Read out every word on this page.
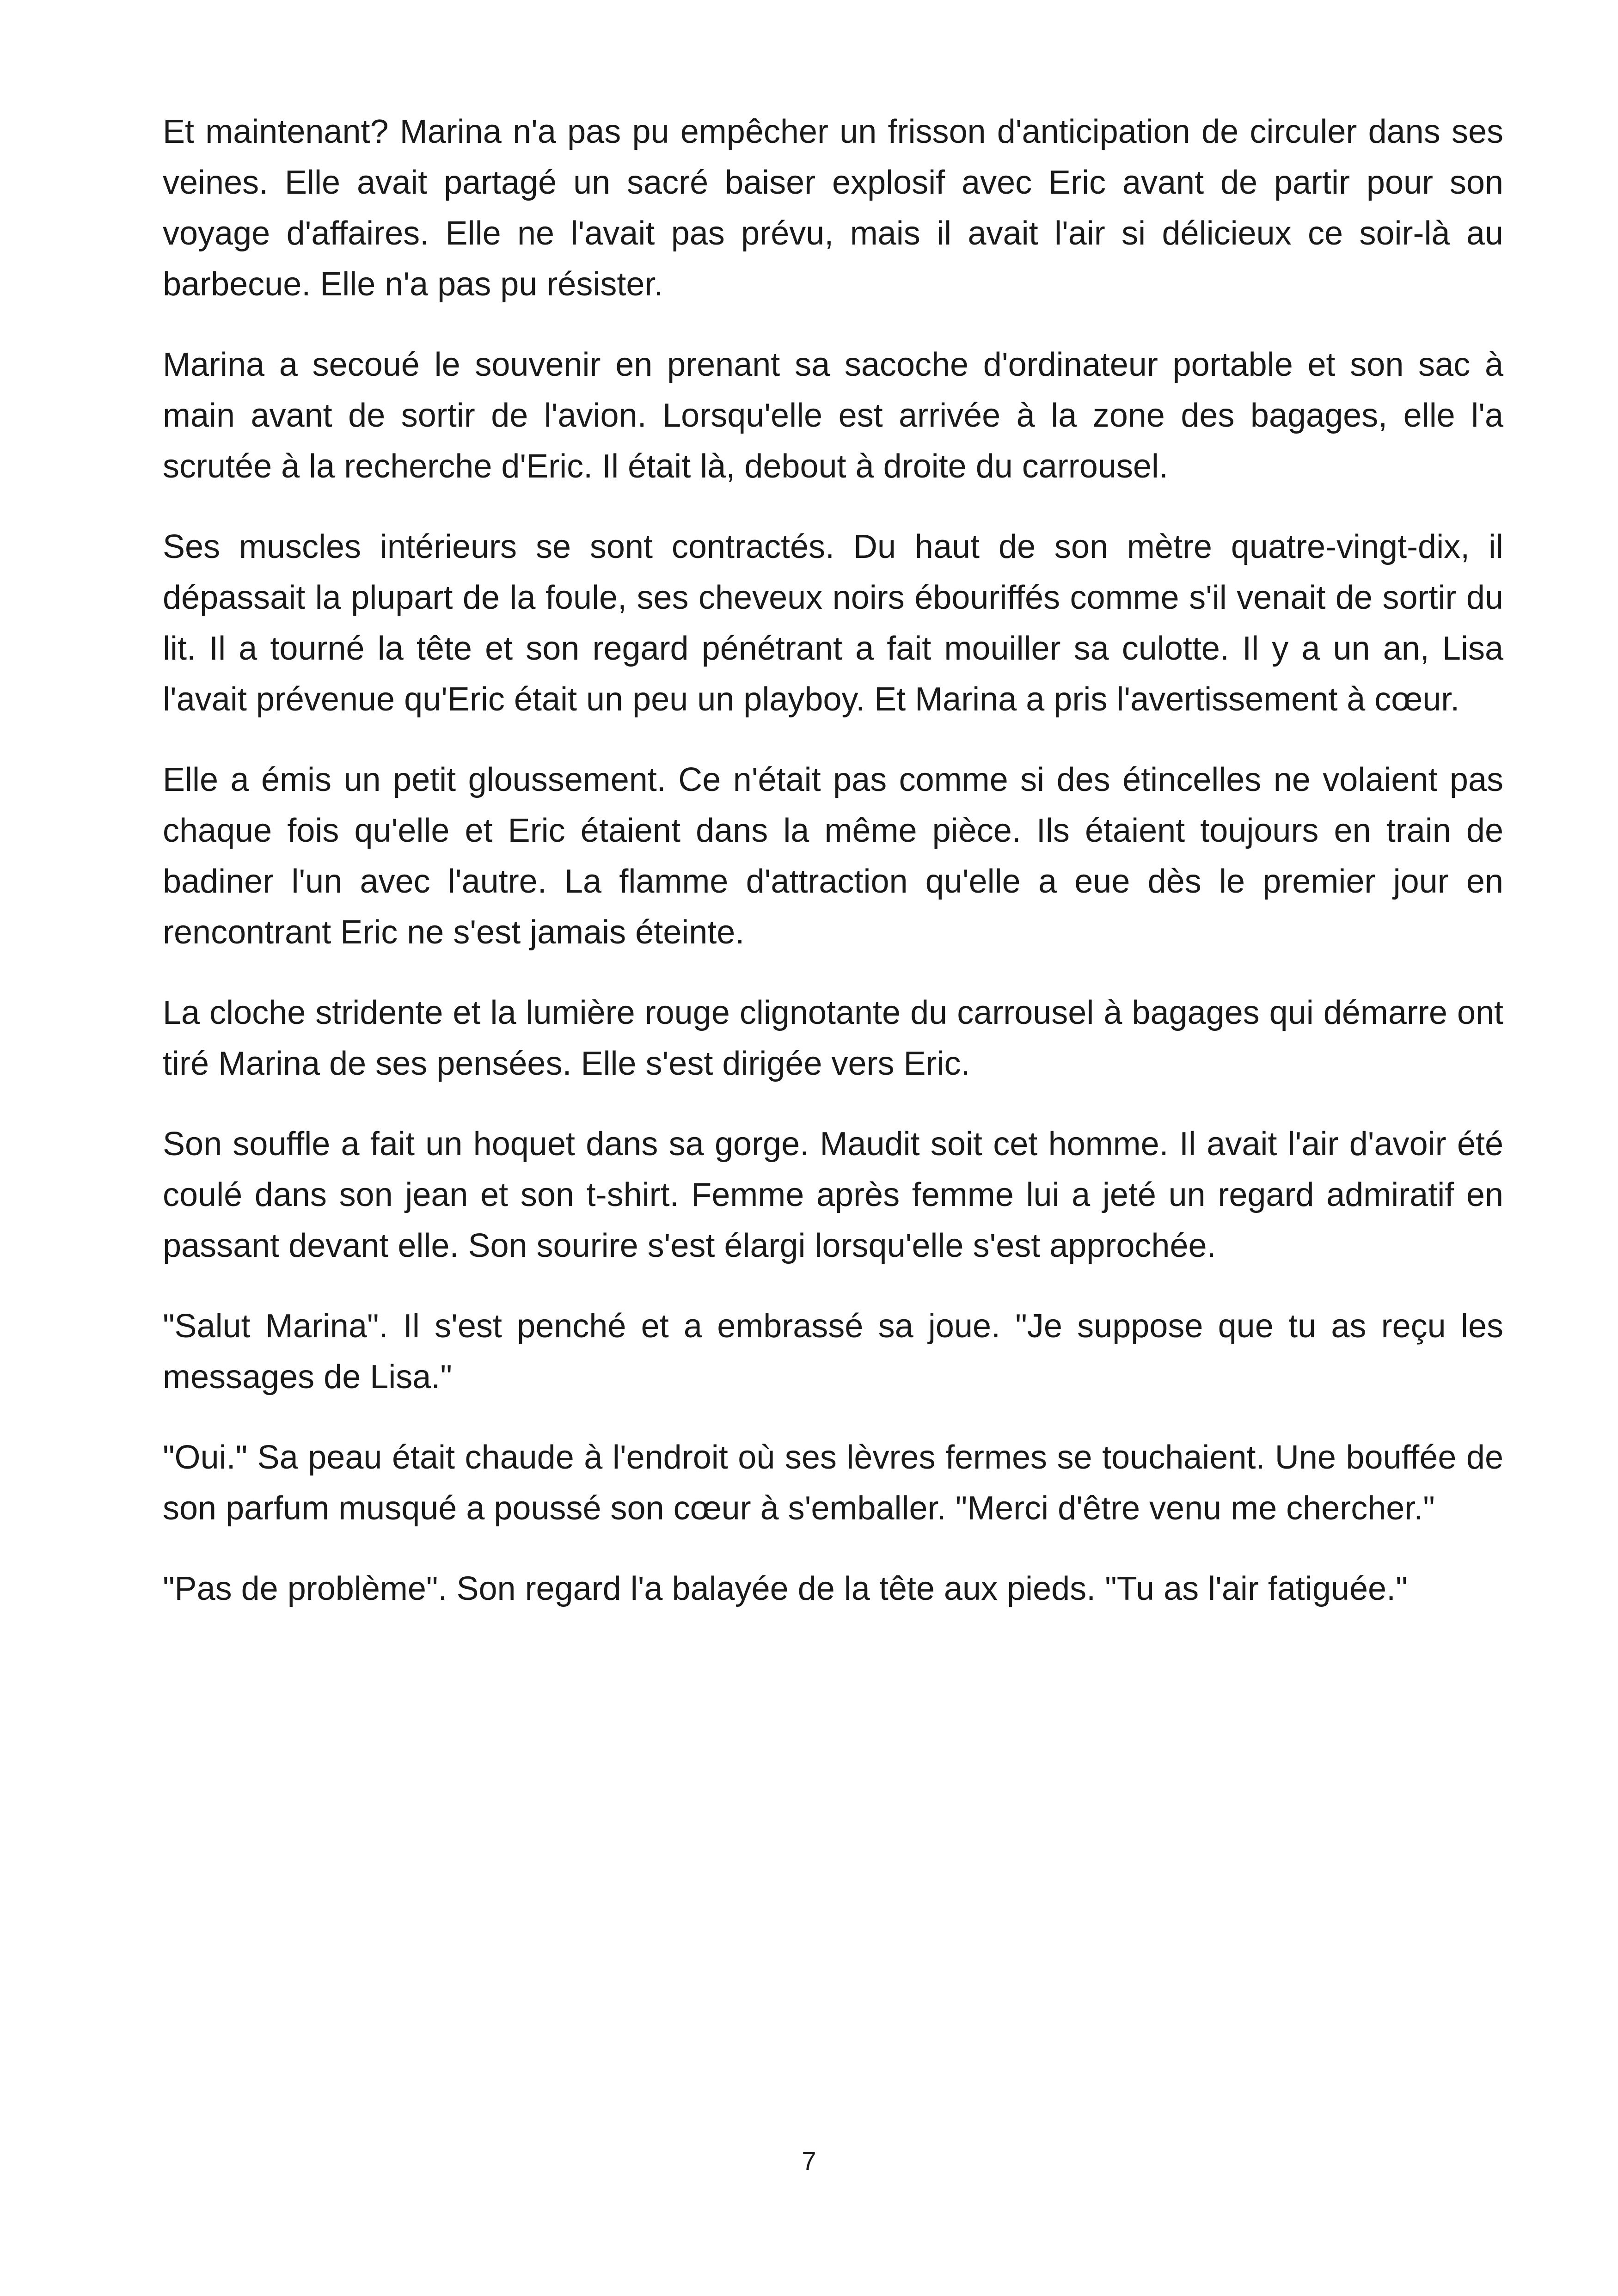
Et maintenant? Marina n'a pas pu empêcher un frisson d'anticipation de circuler dans ses veines. Elle avait partagé un sacré baiser explosif avec Eric avant de partir pour son voyage d'affaires. Elle ne l'avait pas prévu, mais il avait l'air si délicieux ce soir-là au barbecue. Elle n'a pas pu résister.

Marina a secoué le souvenir en prenant sa sacoche d'ordinateur portable et son sac à main avant de sortir de l'avion. Lorsqu'elle est arrivée à la zone des bagages, elle l'a scrutée à la recherche d'Eric. Il était là, debout à droite du carrousel.

Ses muscles intérieurs se sont contractés. Du haut de son mètre quatre-vingt-dix, il dépassait la plupart de la foule, ses cheveux noirs ébouriffés comme s'il venait de sortir du lit. Il a tourné la tête et son regard pénétrant a fait mouiller sa culotte. Il y a un an, Lisa l'avait prévenue qu'Eric était un peu un playboy. Et Marina a pris l'avertissement à cœur.

Elle a émis un petit gloussement. Ce n'était pas comme si des étincelles ne volaient pas chaque fois qu'elle et Eric étaient dans la même pièce. Ils étaient toujours en train de badiner l'un avec l'autre. La flamme d'attraction qu'elle a eue dès le premier jour en rencontrant Eric ne s'est jamais éteinte.

La cloche stridente et la lumière rouge clignotante du carrousel à bagages qui démarre ont tiré Marina de ses pensées. Elle s'est dirigée vers Eric.

Son souffle a fait un hoquet dans sa gorge. Maudit soit cet homme. Il avait l'air d'avoir été coulé dans son jean et son t-shirt. Femme après femme lui a jeté un regard admiratif en passant devant elle. Son sourire s'est élargi lorsqu'elle s'est approchée.

"Salut Marina". Il s'est penché et a embrassé sa joue. "Je suppose que tu as reçu les messages de Lisa."

"Oui." Sa peau était chaude à l'endroit où ses lèvres fermes se touchaient. Une bouffée de son parfum musqué a poussé son cœur à s'emballer. "Merci d'être venu me chercher."

"Pas de problème". Son regard l'a balayée de la tête aux pieds. "Tu as l'air fatiguée."

7
